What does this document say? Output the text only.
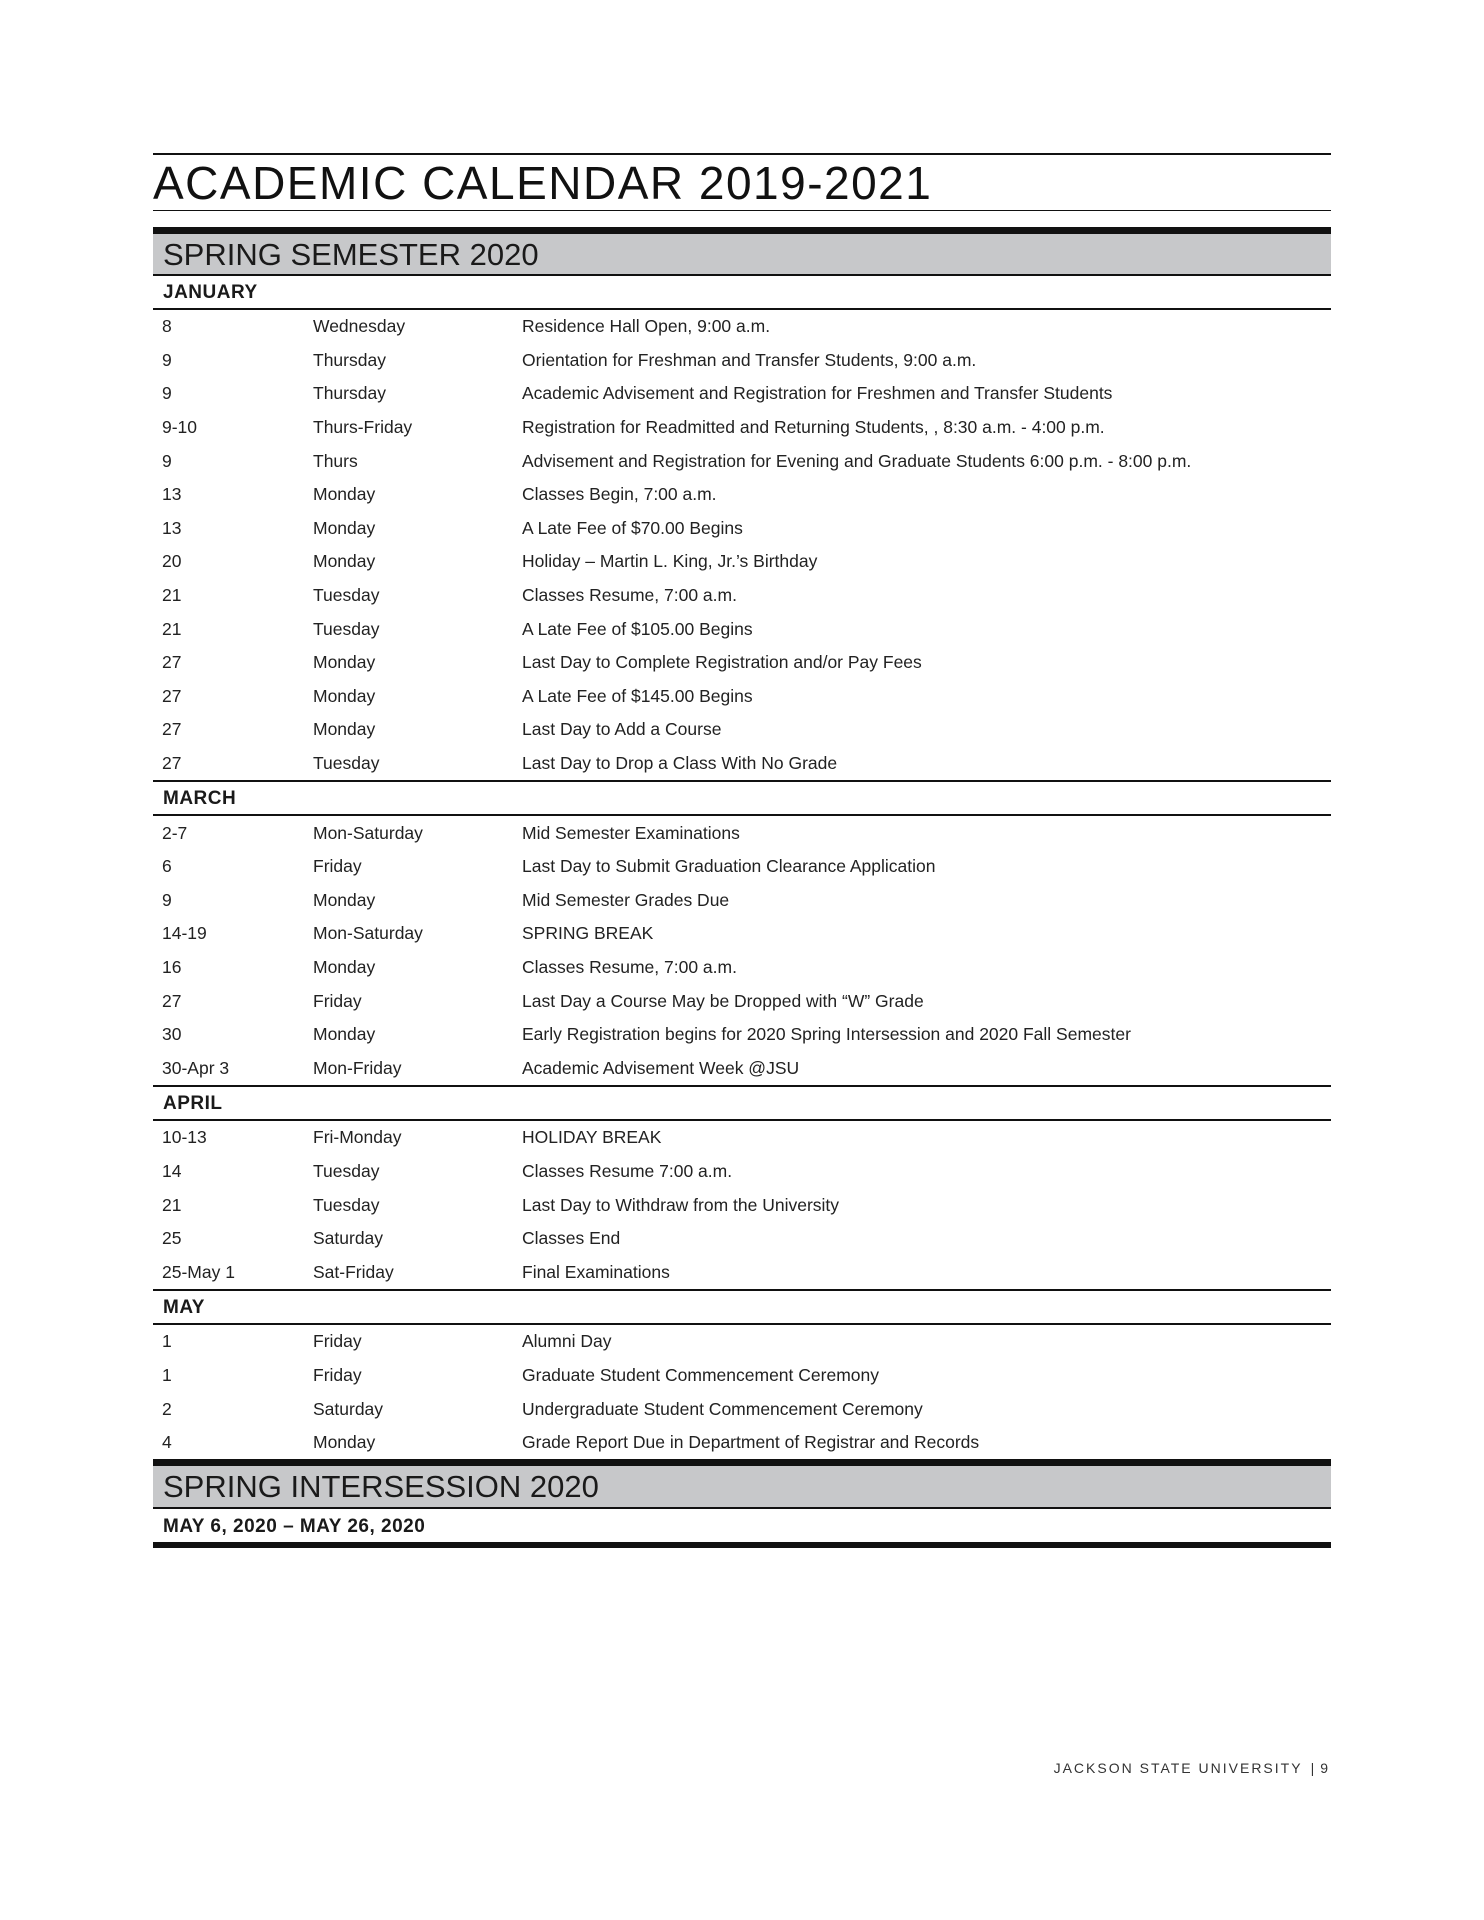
ACADEMIC CALENDAR 2019-2021
SPRING SEMESTER 2020
JANUARY
8	Wednesday	Residence Hall Open, 9:00 a.m.
9	Thursday	Orientation for Freshman and Transfer Students, 9:00 a.m.
9	Thursday	Academic Advisement and Registration for Freshmen and Transfer Students
9-10	Thurs-Friday	Registration for Readmitted and Returning Students, , 8:30 a.m. - 4:00 p.m.
9	Thurs	Advisement and Registration for Evening and Graduate Students 6:00 p.m. - 8:00 p.m.
13	Monday	Classes Begin, 7:00 a.m.
13	Monday	A Late Fee of $70.00 Begins
20	Monday	Holiday – Martin L. King, Jr.’s Birthday
21	Tuesday	Classes Resume, 7:00 a.m.
21	Tuesday	A Late Fee of $105.00 Begins
27	Monday	Last Day to Complete Registration and/or Pay Fees
27	Monday	A Late Fee of $145.00 Begins
27	Monday	Last Day to Add a Course
27	Tuesday	Last Day to Drop a Class With No Grade
MARCH
2-7	Mon-Saturday	Mid Semester Examinations
6	Friday	Last Day to Submit Graduation Clearance Application
9	Monday	Mid Semester Grades Due
14-19	Mon-Saturday	SPRING BREAK
16	Monday	Classes Resume, 7:00 a.m.
27	Friday	Last Day a Course May be Dropped with “W” Grade
30	Monday	Early Registration begins for 2020 Spring Intersession and 2020 Fall Semester
30-Apr 3	Mon-Friday	Academic Advisement Week @JSU
APRIL
10-13	Fri-Monday	HOLIDAY BREAK
14	Tuesday	Classes Resume 7:00 a.m.
21	Tuesday	Last Day to Withdraw from the University
25	Saturday	Classes End
25-May 1	Sat-Friday	Final Examinations
MAY
1	Friday	Alumni Day
1	Friday	Graduate Student Commencement Ceremony
2	Saturday	Undergraduate Student Commencement Ceremony
4	Monday	Grade Report Due in Department of Registrar and Records
SPRING INTERSESSION 2020
MAY 6, 2020 – MAY 26, 2020
JACKSON STATE UNIVERSITY | 9
